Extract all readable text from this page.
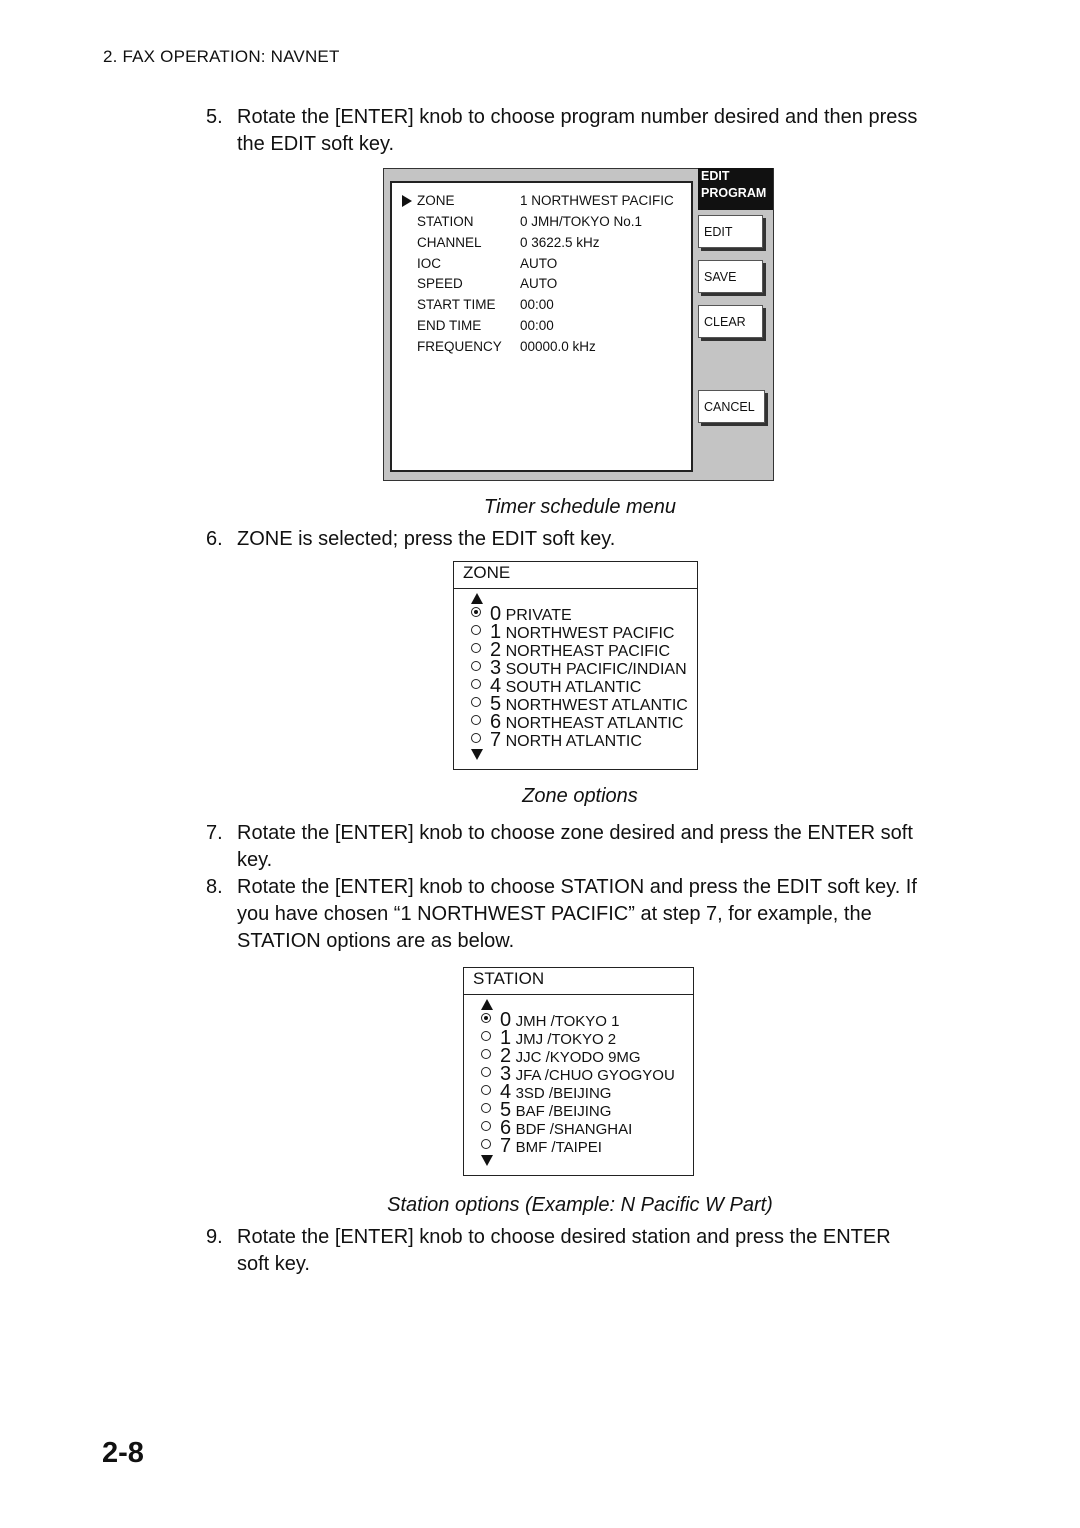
2. FAX OPERATION: NAVNET
5. Rotate the [ENTER] knob to choose program number desired and then press
the EDIT soft key.
ZONE	1 NORTHWEST PACIFIC
STATION	0 JMH/TOKYO No.1
CHANNEL	0 3622.5 kHz
IOC	AUTO
SPEED	AUTO
START TIME 00:00
END TIME	00:00
FREQUENCY 00000.0 kHz
EDIT
PROGRAM
EDIT
SAVE
CLEAR
CANCEL
Timer schedule menu
6. ZONE is selected; press the EDIT soft key.
ZONE
0 PRIVATE
1 NORTHWEST PACIFIC
2 NORTHEAST PACIFIC
3 SOUTH PACIFIC/INDIAN
4 SOUTH ATLANTIC
5 NORTHWEST ATLANTIC
6 NORTHEAST ATLANTIC
7 NORTH ATLANTIC
Zone options
7. Rotate the [ENTER] knob to choose zone desired and press the ENTER soft
key.
8. Rotate the [ENTER] knob to choose STATION and press the EDIT soft key. If
you have chosen “1 NORTHWEST PACIFIC” at step 7, for example, the
STATION options are as below.
STATION
0 JMH /TOKYO 1
1 JMJ /TOKYO 2
2 JJC /KYODO 9MG
3 JFA /CHUO GYOGYOU
4 3SD /BEIJING
5 BAF /BEIJING
6 BDF /SHANGHAI
7 BMF /TAIPEI
Station options (Example: N Pacific W Part)
9. Rotate the [ENTER] knob to choose desired station and press the ENTER
soft key.
2-8
